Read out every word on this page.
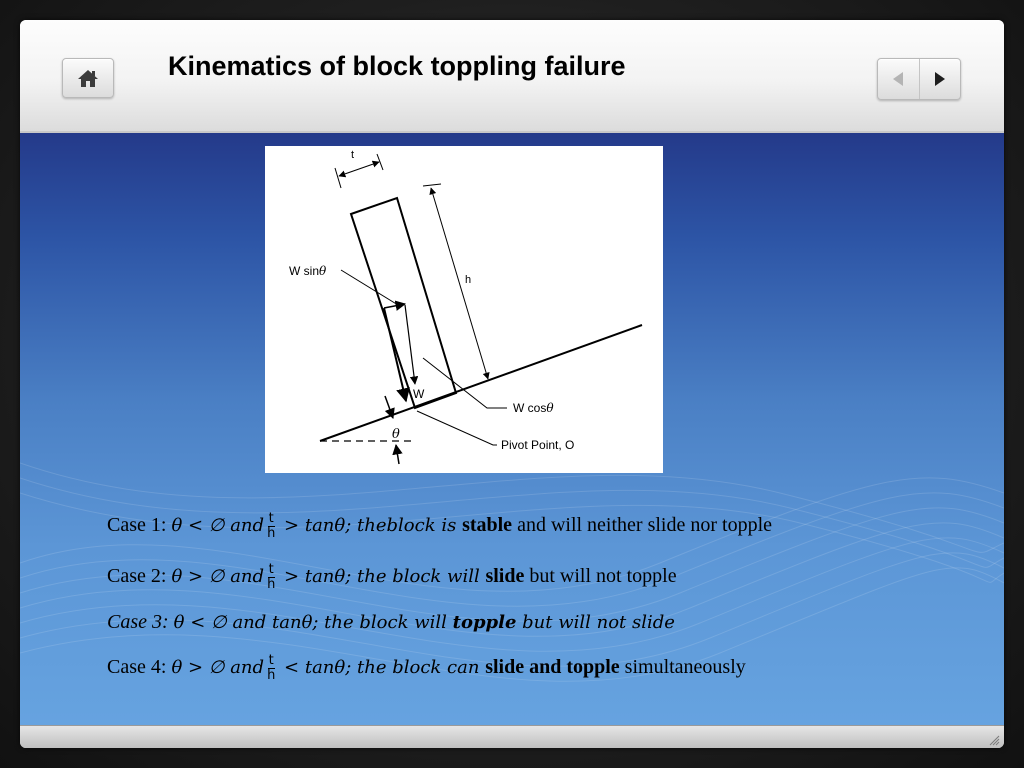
Kinematics of block toppling failure
t
h
W sinθ
W
W cosθ
θ
Pivot Point, O
Case 1: θ < ∅ and $\frac{t}{h} > \tan\theta$; theblock is stable and will neither slide nor topple
Case 2: θ > ∅ and $\frac{t}{h} > \tan\theta$; the block will slide but will not topple
Case 3: θ < ∅ and tanθ; the block will topple but will not slide
Case 4: θ > ∅ and $\frac{t}{h} < \tan\theta$; the block can slide and topple simultaneously
